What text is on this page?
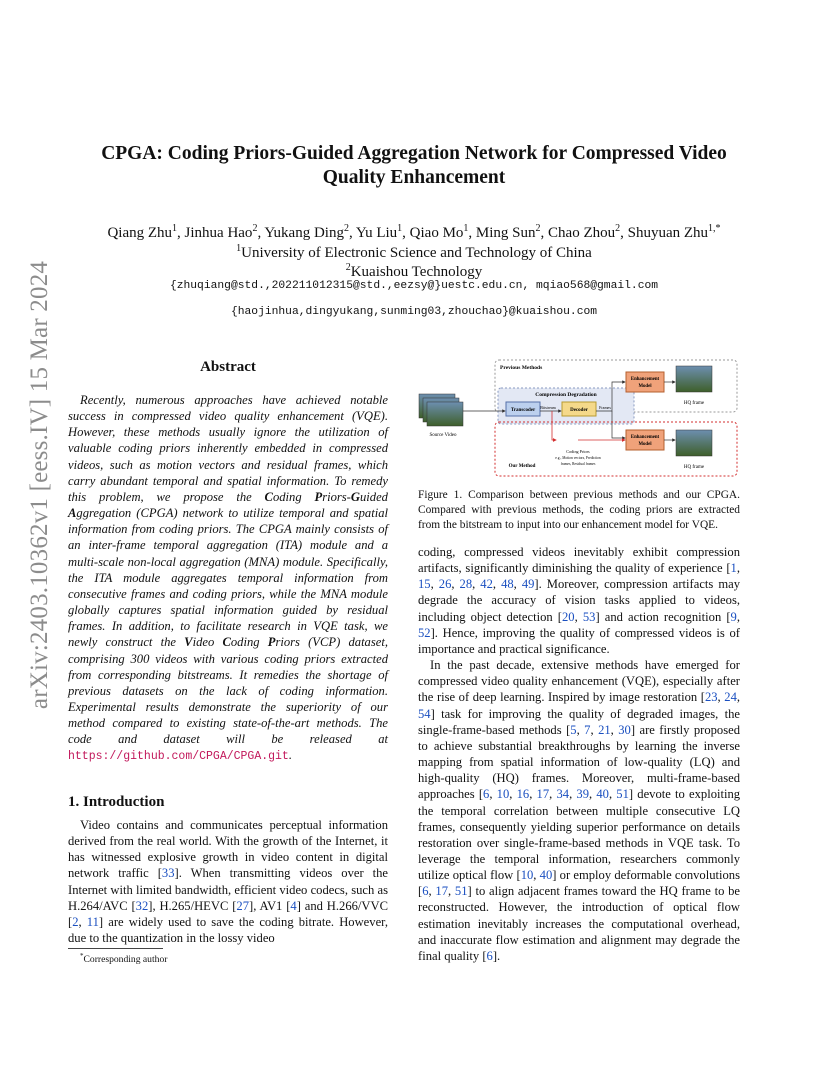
arXiv:2403.10362v1 [eess.IV] 15 Mar 2024
CPGA: Coding Priors-Guided Aggregation Network for Compressed Video
Quality Enhancement
Qiang Zhu$^1$, Jinhua Hao$^2$, Yukang Ding$^2$, Yu Liu$^1$, Qiao Mo$^1$, Ming Sun$^2$, Chao Zhou$^2$, Shuyuan Zhu$^{1,*}$
$^1$University of Electronic Science and Technology of China
$^2$Kuaishou Technology
{zhuqiang@std.,202211012315@std.,eezsy@}uestc.edu.cn, mqiao568@gmail.com
{haojinhua,dingyukang,sunming03,zhouchao}@kuaishou.com
Abstract

Recently, numerous approaches have achieved notable success in compressed video quality enhancement (VQE). However, these methods usually ignore the utilization of valuable coding priors inherently embedded in compressed videos, such as motion vectors and residual frames, which carry abundant temporal and spatial information. To remedy this problem, we propose the Coding Priors-Guided Aggregation (CPGA) network to utilize temporal and spatial information from coding priors. The CPGA mainly consists of an inter-frame temporal aggregation (ITA) module and a multi-scale non-local aggregation (MNA) module. Specifically, the ITA module aggregates temporal information from consecutive frames and coding priors, while the MNA module globally captures spatial information guided by residual frames. In addition, to facilitate research in VQE task, we newly construct the Video Coding Priors (VCP) dataset, comprising 300 videos with various coding priors extracted from corresponding bitstreams. It remedies the shortage of previous datasets on the lack of coding information. Experimental results demonstrate the superiority of our method compared to existing state-of-the-art methods. The code and dataset will be released at https://github.com/CPGA/CPGA.git.

1. Introduction

Video contains and communicates perceptual information derived from the real world. With the growth of the Internet, it has witnessed explosive growth in video content in digital network traffic [33]. When transmitting videos over the Internet with limited bandwidth, efficient video codecs, such as H.264/AVC [32], H.265/HEVC [27], AV1 [4] and H.266/VVC [2, 11] are widely used to save the coding bitrate. However, due to the quantization in the lossy video

*Corresponding author
Previous Methods
Compression Degradation
Transcoder
Bitstream
Decoder
Frames
Enhancement
Model
HQ frame
Source Video
Coding Priors
e.g., Motion vectors, Prediction
frames, Residual frames
Enhancement
Model
HQ frame
Our Method
Figure 1. Comparison between previous methods and our CPGA. Compared with previous methods, the coding priors are extracted from the bitstream to input into our enhancement model for VQE.

coding, compressed videos inevitably exhibit compression artifacts, significantly diminishing the quality of experience [1, 15, 26, 28, 42, 48, 49]. Moreover, compression artifacts may degrade the accuracy of vision tasks applied to videos, including object detection [20, 53] and action recognition [9, 52]. Hence, improving the quality of compressed videos is of importance and practical significance.

In the past decade, extensive methods have emerged for compressed video quality enhancement (VQE), especially after the rise of deep learning. Inspired by image restoration [23, 24, 54] task for improving the quality of degraded images, the single-frame-based methods [5, 7, 21, 30] are firstly proposed to achieve substantial breakthroughs by learning the inverse mapping from spatial information of low-quality (LQ) and high-quality (HQ) frames. Moreover, multi-frame-based approaches [6, 10, 16, 17, 34, 39, 40, 51] devote to exploiting the temporal correlation between multiple consecutive LQ frames, consequently yielding superior performance on details restoration over single-frame-based methods in VQE task. To leverage the temporal information, researchers commonly utilize optical flow [10, 40] or employ deformable convolutions [6, 17, 51] to align adjacent frames toward the HQ frame to be reconstructed. However, the introduction of optical flow estimation inevitably increases the computational overhead, and inaccurate flow estimation and alignment may degrade the final quality [6].
